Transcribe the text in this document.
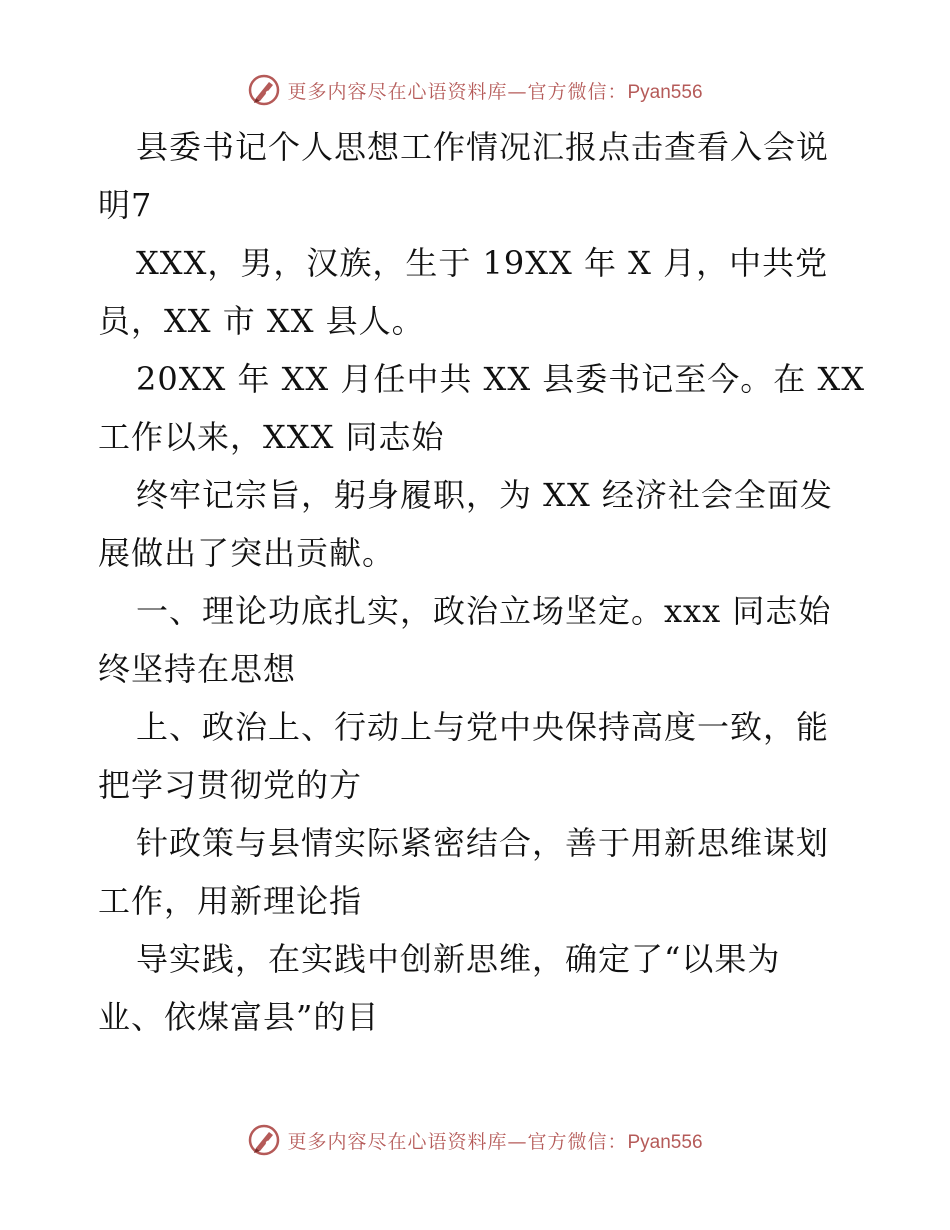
更多内容尽在心语资料库—官方微信：Pyan556

县委书记个人思想工作情况汇报点击查看入会说
明7

XXX，男，汉族，生于 19XX 年 X 月，中共党
员，XX 市 XX 县人。

20XX 年 XX 月任中共 XX 县委书记至今。在 XX
工作以来，XXX 同志始

终牢记宗旨，躬身履职，为 XX 经济社会全面发
展做出了突出贡献。

一、理论功底扎实，政治立场坚定。xxx 同志始
终坚持在思想

上、政治上、行动上与党中央保持高度一致，能
把学习贯彻党的方

针政策与县情实际紧密结合，善于用新思维谋划
工作，用新理论指

导实践，在实践中创新思维，确定了“以果为
业、依煤富县”的目

更多内容尽在心语资料库—官方微信：Pyan556
